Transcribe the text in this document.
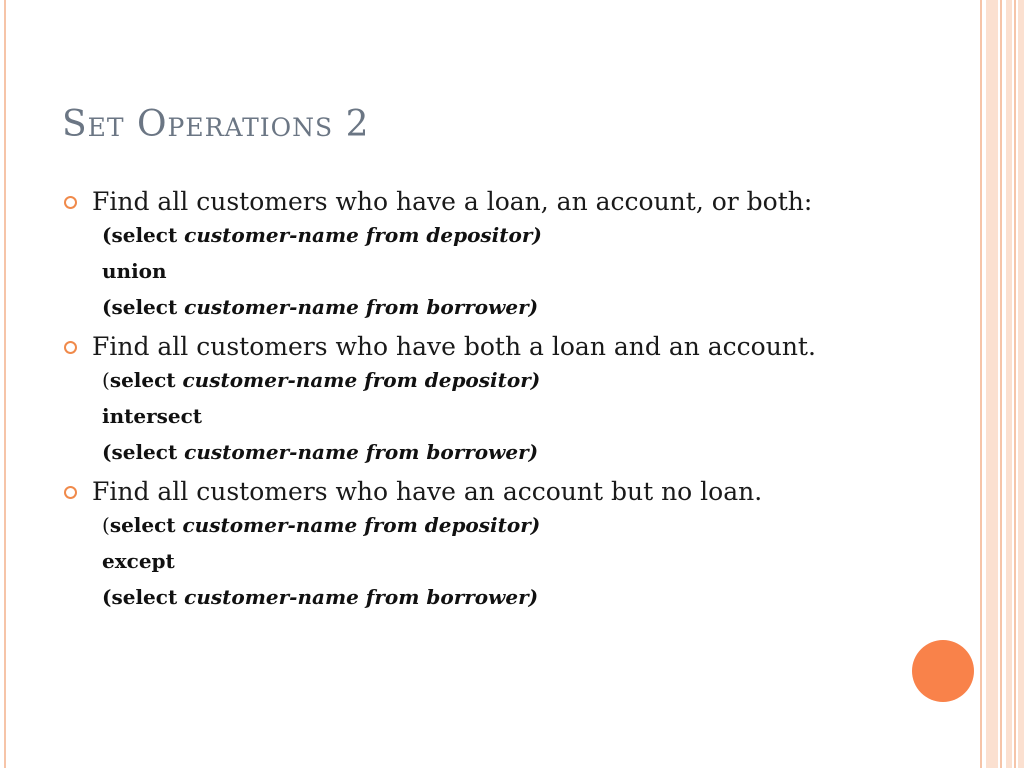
Set Operations 2
Find all customers who have a loan, an account, or both:
(select customer-name from depositor)
union
(select customer-name from borrower)
Find all customers who have both a loan and an account.
(select customer-name from depositor)
intersect
(select customer-name from borrower)
Find all customers who have an account but no loan.
(select customer-name from depositor)
except
(select customer-name from borrower)
